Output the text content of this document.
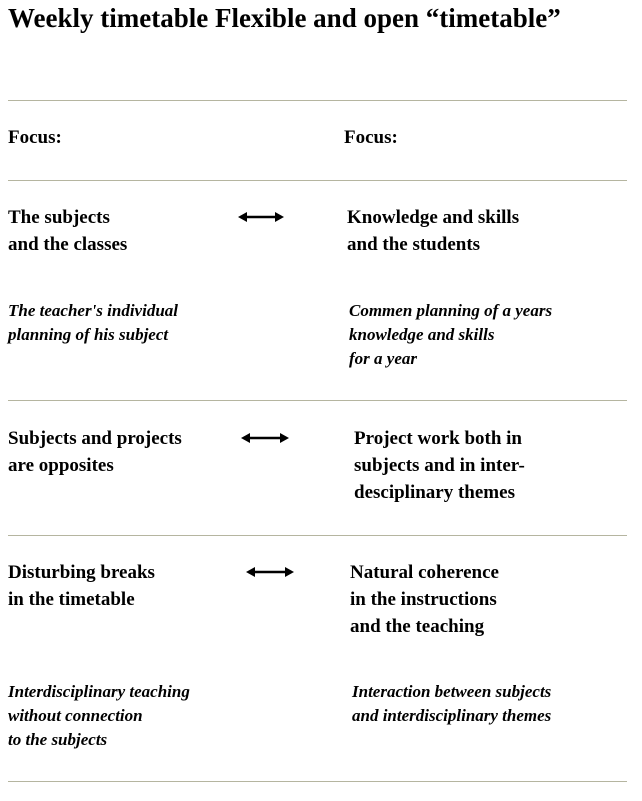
Weekly timetable Flexible and open “timetable”
Focus:	Focus:
The subjects
and the classes
Knowledge and skills
and the students
The teacher's individual
planning of his subject
Commen planning of a years
knowledge and skills
for a year
Subjects and projects
are opposites
Project work both in
subjects and in inter-
desciplinary themes
Disturbing breaks
in the timetable
Natural coherence
in the instructions
and the teaching
Interdisciplinary teaching
without connection
to the subjects
Interaction between subjects
and interdisciplinary themes
